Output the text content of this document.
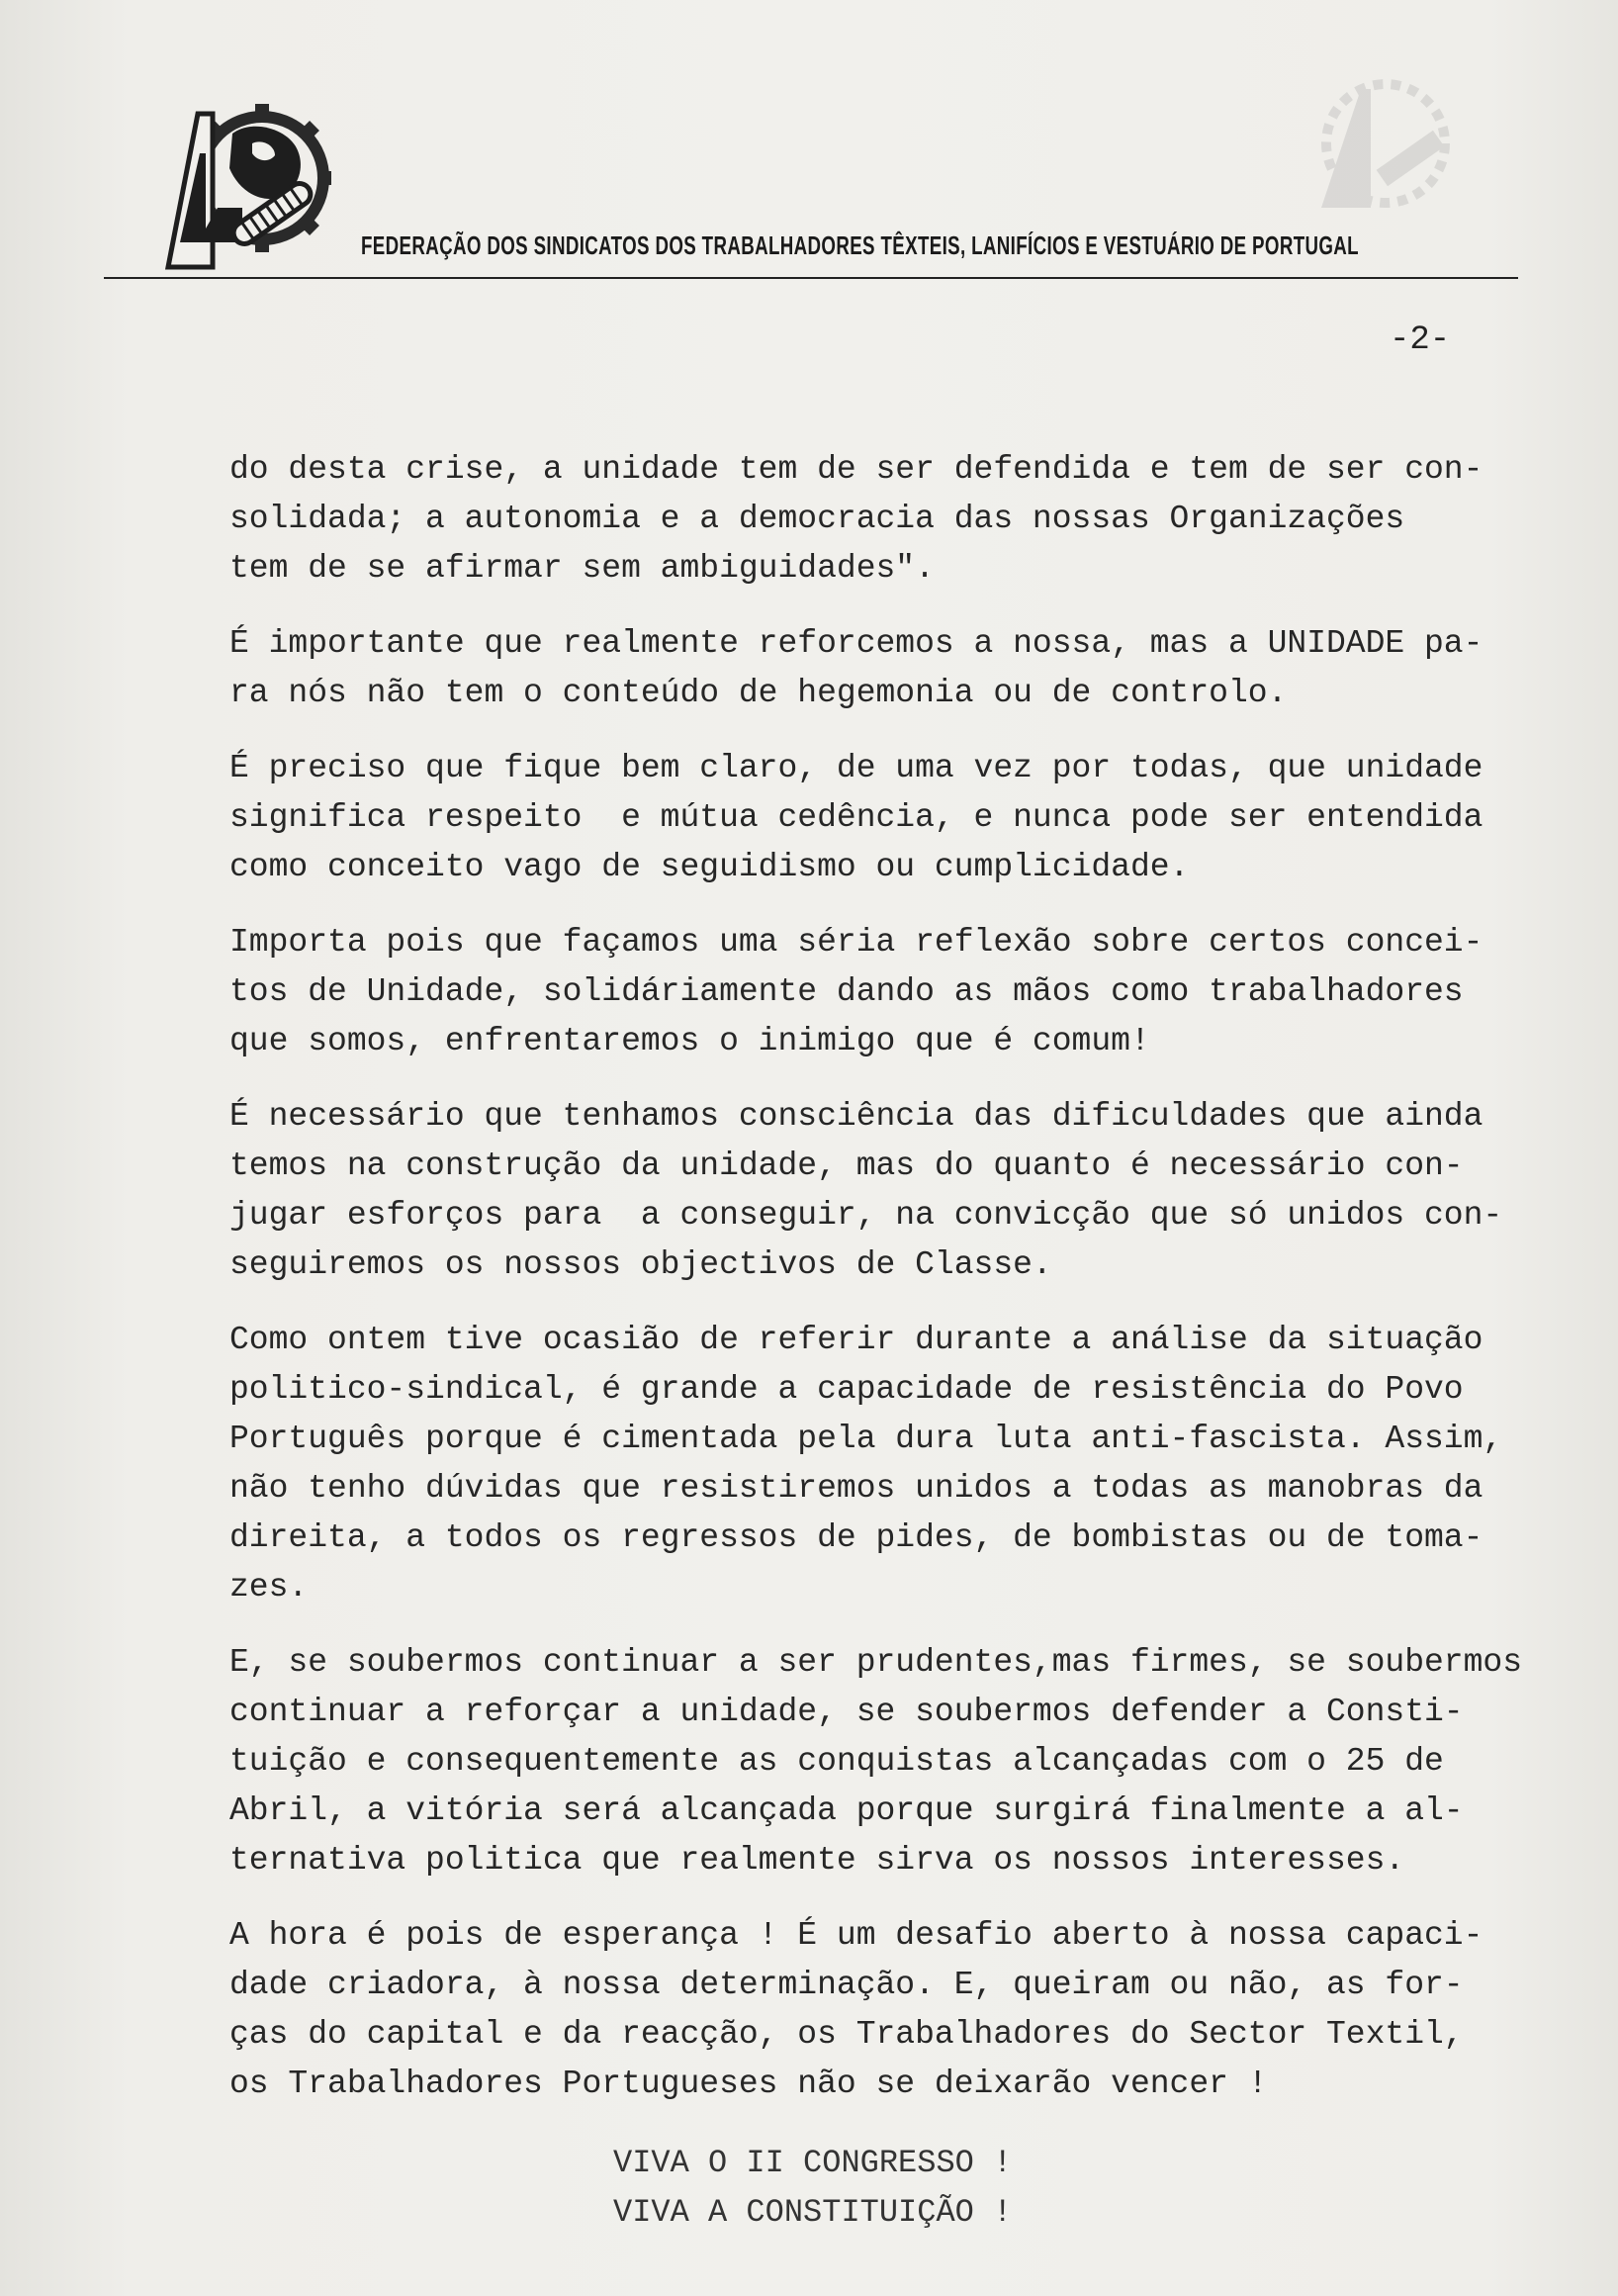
FEDERAÇÃO DOS SINDICATOS DOS TRABALHADORES TÊXTEIS, LANIFÍCIOS E VESTUÁRIO DE PORTUGAL
-2-
do desta crise, a unidade tem de ser defendida e tem de ser con-
solidada; a autonomia e a democracia das nossas Organizações
tem de se afirmar sem ambiguidades".
É importante que realmente reforcemos a nossa, mas a UNIDADE pa-
ra nós não tem o conteúdo de hegemonia ou de controlo.
É preciso que fique bem claro, de uma vez por todas, que unidade
significa respeito  e mútua cedência, e nunca pode ser entendida
como conceito vago de seguidismo ou cumplicidade.
Importa pois que façamos uma séria reflexão sobre certos concei-
tos de Unidade, solidáriamente dando as mãos como trabalhadores
que somos, enfrentaremos o inimigo que é comum!
É necessário que tenhamos consciência das dificuldades que ainda
temos na construção da unidade, mas do quanto é necessário con-
jugar esforços para  a conseguir, na convicção que só unidos con-
seguiremos os nossos objectivos de Classe.
Como ontem tive ocasião de referir durante a análise da situação
politico-sindical, é grande a capacidade de resistência do Povo
Português porque é cimentada pela dura luta anti-fascista. Assim,
não tenho dúvidas que resistiremos unidos a todas as manobras da
direita, a todos os regressos de pides, de bombistas ou de toma-
zes.
E, se soubermos continuar a ser prudentes,mas firmes, se soubermos
continuar a reforçar a unidade, se soubermos defender a Consti-
tuição e consequentemente as conquistas alcançadas com o 25 de
Abril, a vitória será alcançada porque surgirá finalmente a al-
ternativa politica que realmente sirva os nossos interesses.
A hora é pois de esperança ! É um desafio aberto à nossa capaci-
dade criadora, à nossa determinação. E, queiram ou não, as for-
ças do capital e da reacção, os Trabalhadores do Sector Textil,
os Trabalhadores Portugueses não se deixarão vencer !
VIVA O II CONGRESSO !
VIVA A CONSTITUIÇÃO !
